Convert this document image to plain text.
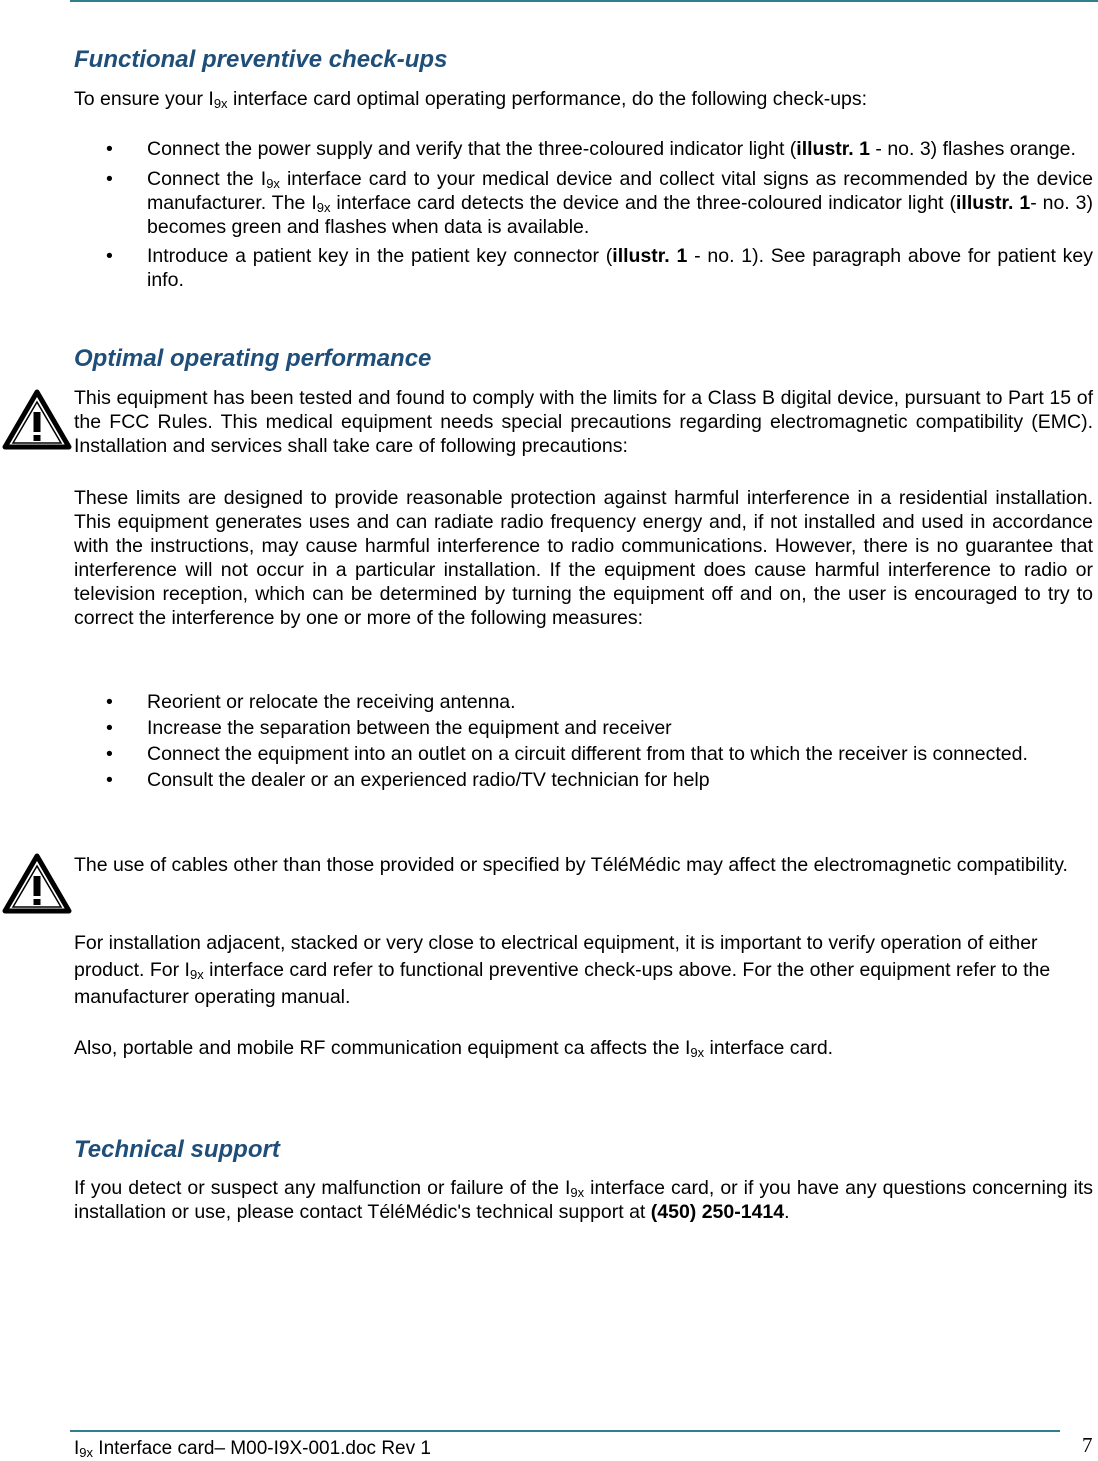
Functional preventive check-ups

To ensure your $I_{9x}$ interface card optimal operating performance, do the following check-ups:

• Connect the power supply and verify that the three-coloured indicator light (illustr. 1 - no. 3) flashes orange.
• Connect the $I_{9x}$ interface card to your medical device and collect vital signs as recommended by the device manufacturer. The $I_{9x}$ interface card detects the device and the three-coloured indicator light (illustr. 1- no. 3) becomes green and flashes when data is available.
• Introduce a patient key in the patient key connector (illustr. 1 - no. 1). See paragraph above for patient key info.
Optimal operating performance

This equipment has been tested and found to comply with the limits for a Class B digital device, pursuant to Part 15 of the FCC Rules. This medical equipment needs special precautions regarding electromagnetic compatibility (EMC). Installation and services shall take care of following precautions:

These limits are designed to provide reasonable protection against harmful interference in a residential installation. This equipment generates uses and can radiate radio frequency energy and, if not installed and used in accordance with the instructions, may cause harmful interference to radio communications. However, there is no guarantee that interference will not occur in a particular installation. If the equipment does cause harmful interference to radio or television reception, which can be determined by turning the equipment off and on, the user is encouraged to try to correct the interference by one or more of the following measures:

• Reorient or relocate the receiving antenna.
• Increase the separation between the equipment and receiver
• Connect the equipment into an outlet on a circuit different from that to which the receiver is connected.
• Consult the dealer or an experienced radio/TV technician for help

The use of cables other than those provided or specified by TéléMédic may affect the electromagnetic compatibility.

For installation adjacent, stacked or very close to electrical equipment, it is important to verify operation of either product. For $I_{9x}$ interface card refer to functional preventive check-ups above. For the other equipment refer to the manufacturer operating manual.

Also, portable and mobile RF communication equipment ca affects the $I_{9x}$ interface card.

Technical support

If you detect or suspect any malfunction or failure of the $I_{9x}$ interface card, or if you have any questions concerning its installation or use, please contact TéléMédic's technical support at (450) 250-1414.

$I_{9x}$ Interface card– M00-I9X-001.doc Rev 1	7
